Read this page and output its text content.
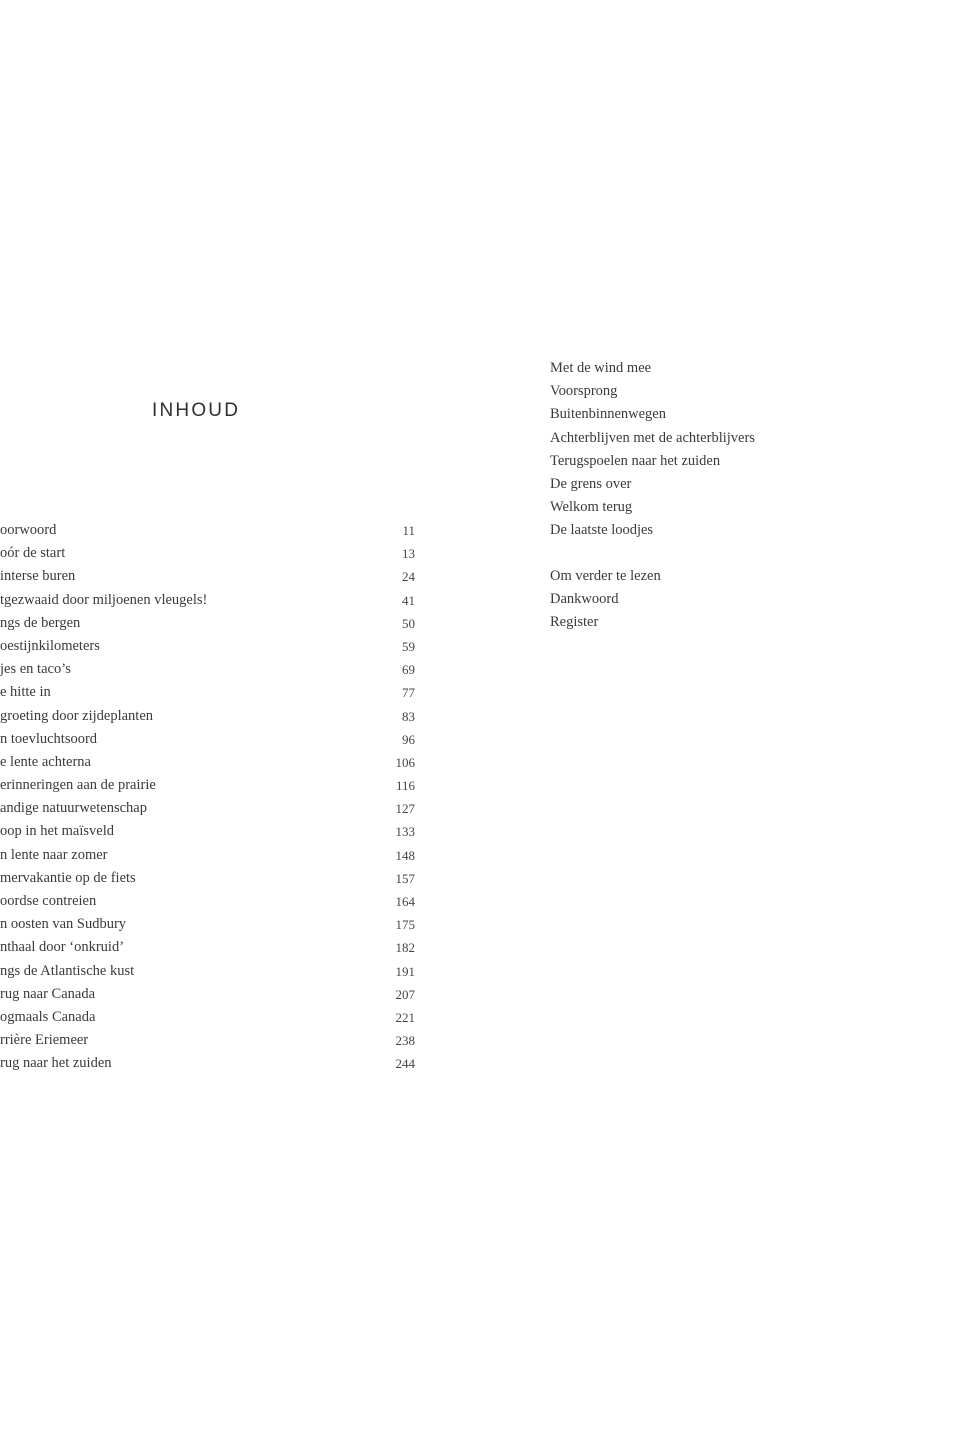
INHOUD
oorwoord	11
oór de start	13
interse buren	24
tgezwaaid door miljoenen vleugels!	41
ngs de bergen	50
oestijnkilometers	59
jes en taco’s	69
e hitte in	77
groeting door zijdeplanten	83
n toevluchtsoord	96
e lente achterna	106
erinneringen aan de prairie	116
andige natuurwetenschap	127
oop in het maïsveld	133
n lente naar zomer	148
mervakantie op de fiets	157
oordse contreien	164
n oosten van Sudbury	175
nthaal door ‘onkruid’	182
ngs de Atlantische kust	191
rug naar Canada	207
ogmaals Canada	221
rrière Eriemeer	238
rug naar het zuiden	244
Met de wind mee
Voorsprong
Buitenbinnenwegen
Achterblijven met de achterblijvers
Terugspoelen naar het zuiden
De grens over
Welkom terug
De laatste loodjes
Om verder te lezen
Dankwoord
Register
